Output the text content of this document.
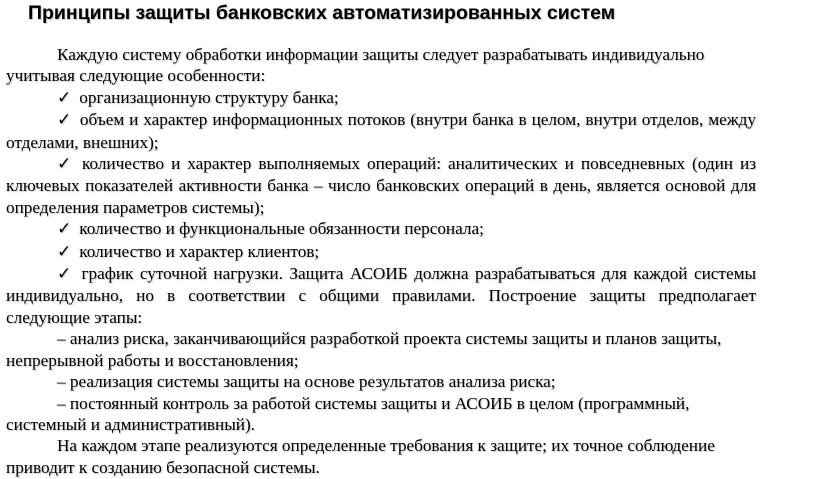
Принципы защиты банковских автоматизированных систем

Каждую систему обработки информации защиты следует разрабатывать индивидуально учитывая следующие особенности:

✓ организационную структуру банка;

✓ объем и характер информационных потоков (внутри банка в целом, внутри отделов, между отделами, внешних);

✓ количество и характер выполняемых операций: аналитических и повседневных (один из ключевых показателей активности банка – число банковских операций в день, является основой для определения параметров системы);

✓ количество и функциональные обязанности персонала;

✓ количество и характер клиентов;

✓ график суточной нагрузки. Защита АСОИБ должна разрабатываться для каждой системы индивидуально, но в соответствии с общими правилами. Построение защиты предполагает следующие этапы:

– анализ риска, заканчивающийся разработкой проекта системы защиты и планов защиты, непрерывной работы и восстановления;

– реализация системы защиты на основе результатов анализа риска;

– постоянный контроль за работой системы защиты и АСОИБ в целом (программный, системный и административный).

На каждом этапе реализуются определенные требования к защите; их точное соблюдение приводит к созданию безопасной системы.
